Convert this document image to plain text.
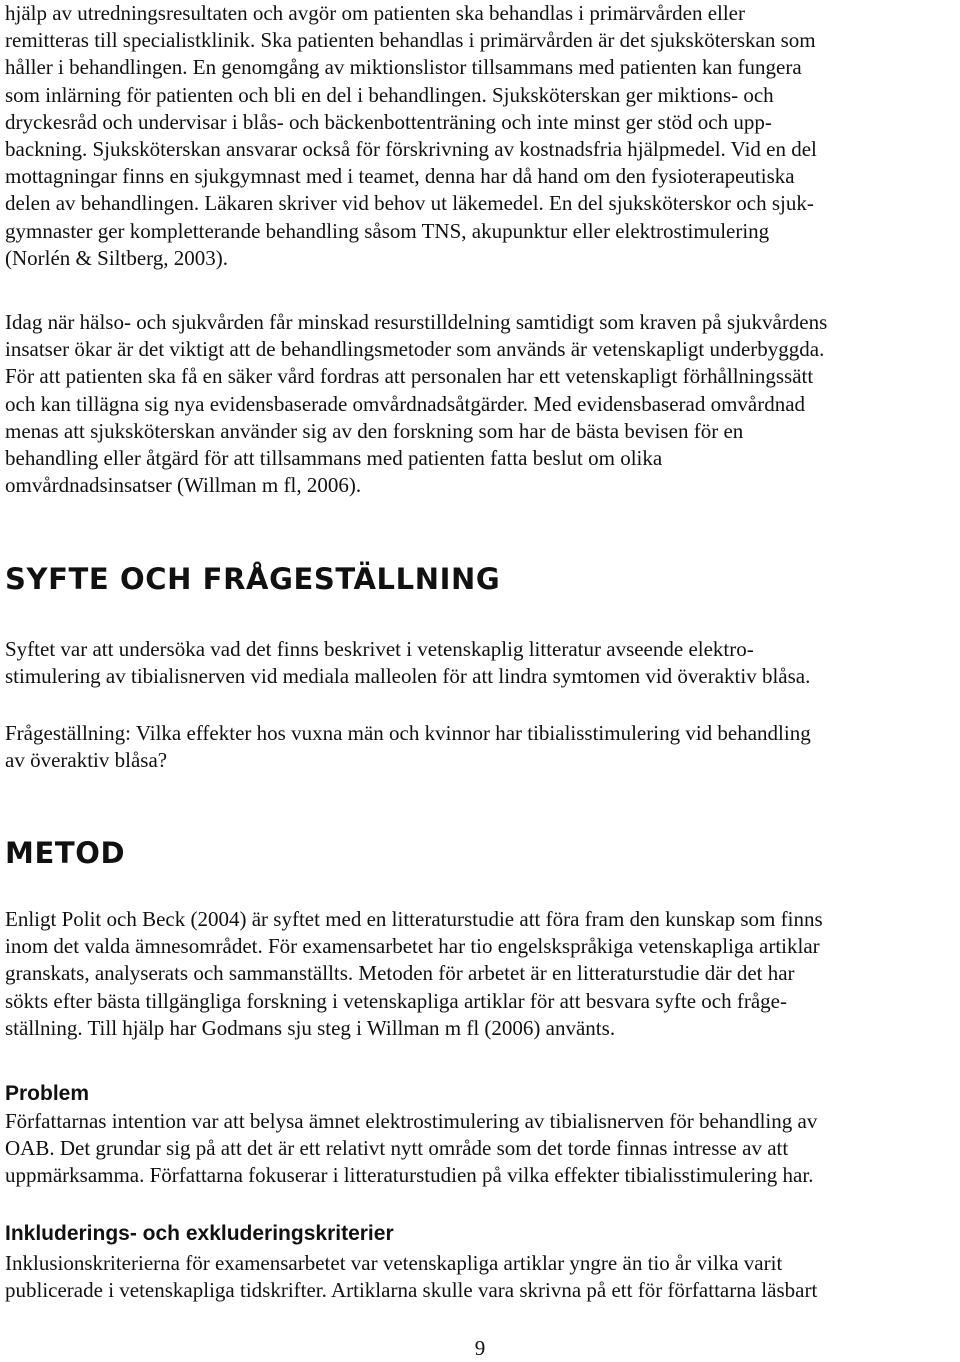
hjälp av utredningsresultaten och avgör om patienten ska behandlas i primärvården eller
remitteras till specialistklinik. Ska patienten behandlas i primärvården är det sjuksköterskan som
håller i behandlingen. En genomgång av miktionslistor tillsammans med patienten kan fungera
som inlärning för patienten och bli en del i behandlingen. Sjuksköterskan ger miktions- och
dryckesråd och undervisar i blås- och bäckenbottenträning och inte minst ger stöd och upp-
backning. Sjuksköterskan ansvarar också för förskrivning av kostnadsfria hjälpmedel. Vid en del
mottagningar finns en sjukgymnast med i teamet, denna har då hand om den fysioterapeutiska
delen av behandlingen. Läkaren skriver vid behov ut läkemedel. En del sjuksköterskor och sjuk-
gymnaster ger kompletterande behandling såsom TNS, akupunktur eller elektrostimulering
(Norlén & Siltberg, 2003).
Idag när hälso- och sjukvården får minskad resurstilldelning samtidigt som kraven på sjukvårdens
insatser ökar är det viktigt att de behandlingsmetoder som används är vetenskapligt underbyggda.
För att patienten ska få en säker vård fordras att personalen har ett vetenskapligt förhållningssätt
och kan tillägna sig nya evidensbaserade omvårdnadsåtgärder. Med evidensbaserad omvårdnad
menas att sjuksköterskan använder sig av den forskning som har de bästa bevisen för en
behandling eller åtgärd för att tillsammans med patienten fatta beslut om olika
omvårdnadsinsatser (Willman m fl, 2006).
SYFTE OCH FRÅGESTÄLLNING
Syftet var att undersöka vad det finns beskrivet i vetenskaplig litteratur avseende elektro-
stimulering av tibialisnerven vid mediala malleolen för att lindra symtomen vid överaktiv blåsa.
Frågeställning: Vilka effekter hos vuxna män och kvinnor har tibialisstimulering vid behandling
av överaktiv blåsa?
METOD
Enligt Polit och Beck (2004) är syftet med en litteraturstudie att föra fram den kunskap som finns
inom det valda ämnesområdet. För examensarbetet har tio engelskspråkiga vetenskapliga artiklar
granskats, analyserats och sammanställts. Metoden för arbetet är en litteraturstudie där det har
sökts efter bästa tillgängliga forskning i vetenskapliga artiklar för att besvara syfte och fråge-
ställning. Till hjälp har Godmans sju steg i Willman m fl (2006) använts.
Problem
Författarnas intention var att belysa ämnet elektrostimulering av tibialisnerven för behandling av
OAB. Det grundar sig på att det är ett relativt nytt område som det torde finnas intresse av att
uppmärksamma. Författarna fokuserar i litteraturstudien på vilka effekter tibialisstimulering har.
Inkluderings- och exkluderingskriterier
Inklusionskriterierna för examensarbetet var vetenskapliga artiklar yngre än tio år vilka varit
publicerade i vetenskapliga tidskrifter. Artiklarna skulle vara skrivna på ett för författarna läsbart
9
